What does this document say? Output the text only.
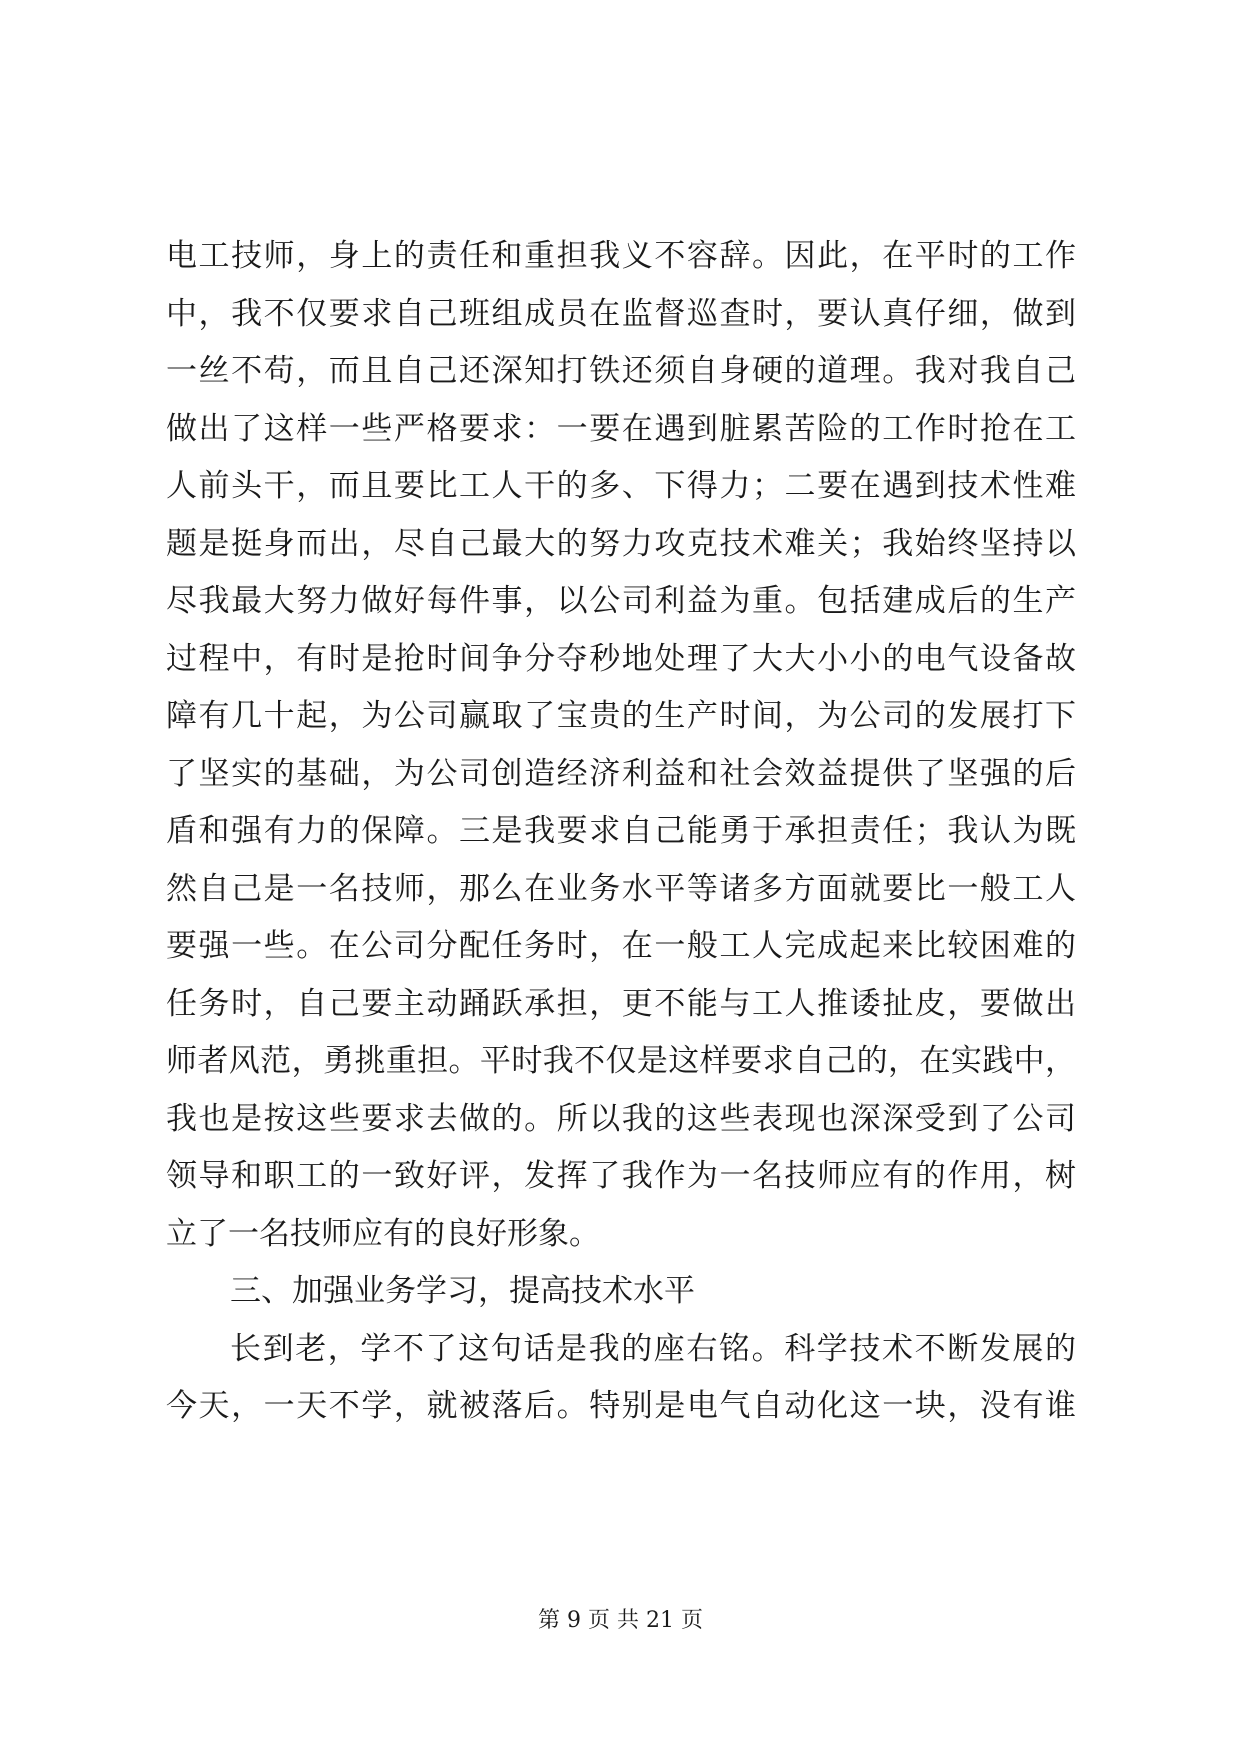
电工技师，身上的责任和重担我义不容辞。因此，在平时的工作
中，我不仅要求自己班组成员在监督巡查时，要认真仔细，做到
一丝不苟，而且自己还深知打铁还须自身硬的道理。我对我自己
做出了这样一些严格要求：一要在遇到脏累苦险的工作时抢在工
人前头干，而且要比工人干的多、下得力；二要在遇到技术性难
题是挺身而出，尽自己最大的努力攻克技术难关；我始终坚持以
尽我最大努力做好每件事，以公司利益为重。包括建成后的生产
过程中，有时是抢时间争分夺秒地处理了大大小小的电气设备故
障有几十起，为公司赢取了宝贵的生产时间，为公司的发展打下
了坚实的基础，为公司创造经济利益和社会效益提供了坚强的后
盾和强有力的保障。三是我要求自己能勇于承担责任；我认为既
然自己是一名技师，那么在业务水平等诸多方面就要比一般工人
要强一些。在公司分配任务时，在一般工人完成起来比较困难的
任务时，自己要主动踊跃承担，更不能与工人推诿扯皮，要做出
师者风范，勇挑重担。平时我不仅是这样要求自己的，在实践中，
我也是按这些要求去做的。所以我的这些表现也深深受到了公司
领导和职工的一致好评，发挥了我作为一名技师应有的作用，树
立了一名技师应有的良好形象。
三、加强业务学习，提高技术水平
长到老，学不了这句话是我的座右铭。科学技术不断发展的
今天，一天不学，就被落后。特别是电气自动化这一块，没有谁
第 9 页 共 21 页
